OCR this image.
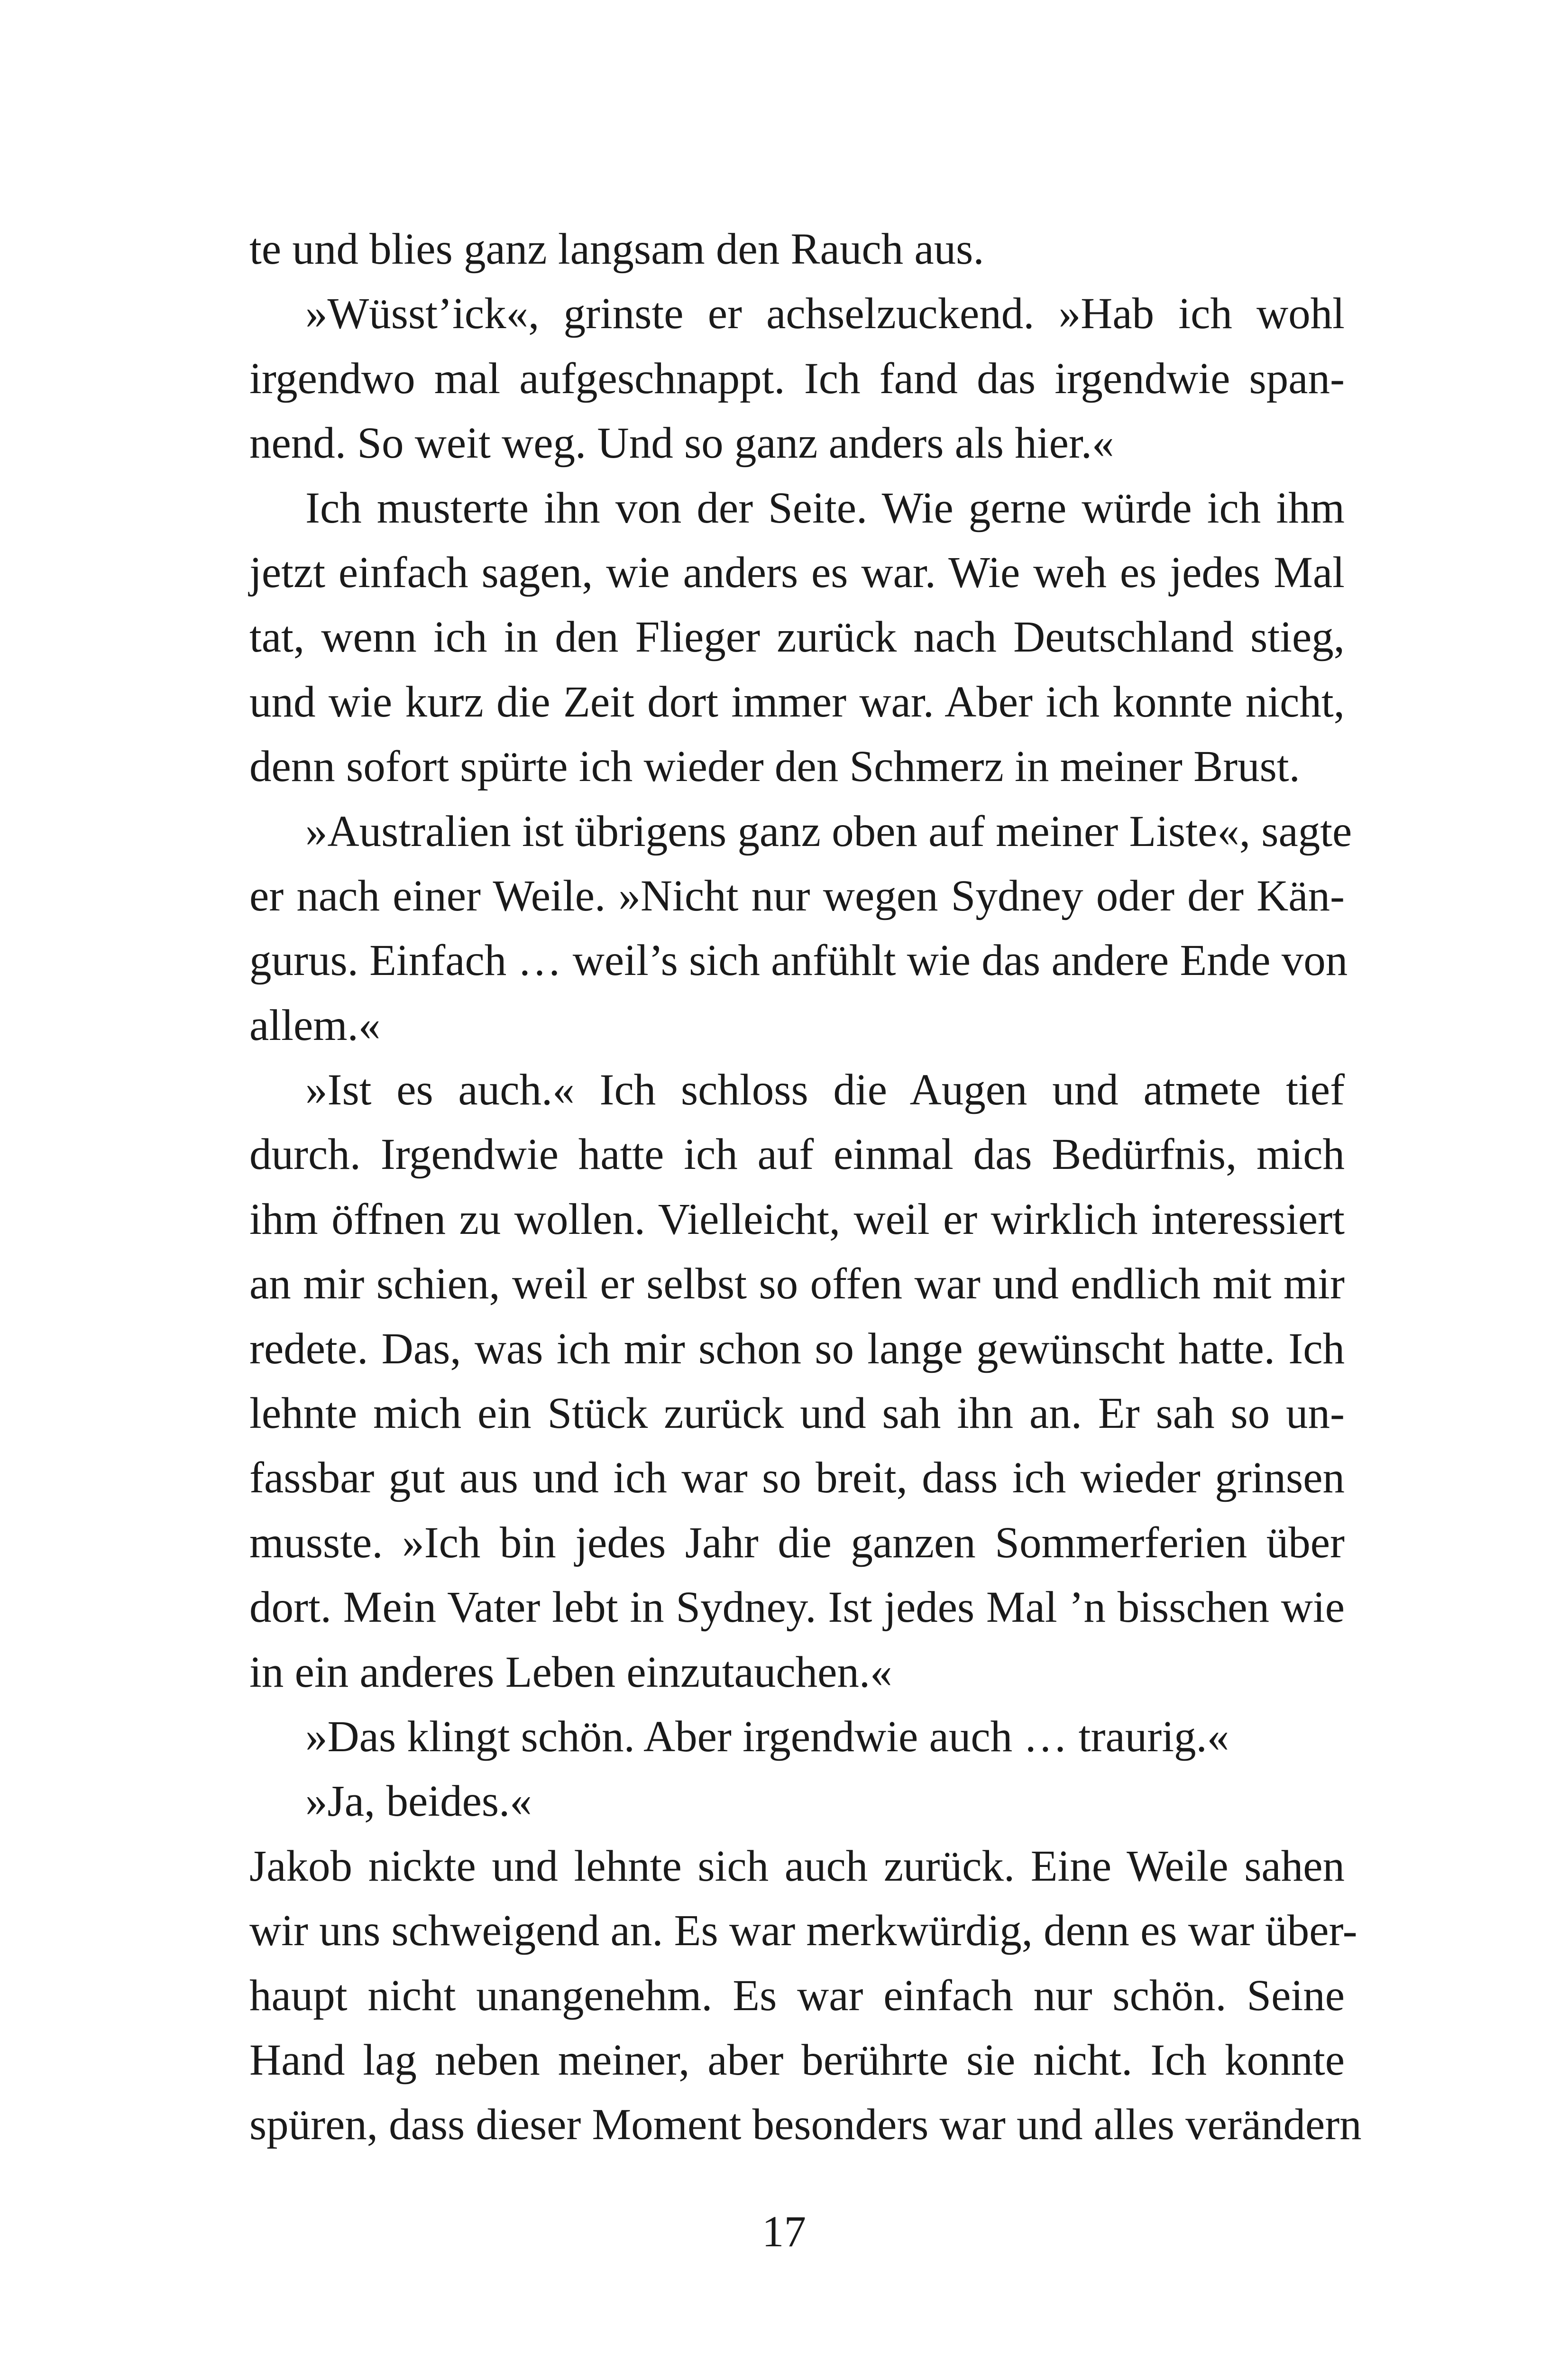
te und blies ganz langsam den Rauch aus.
»Wüsst’ick«, grinste er achselzuckend. »Hab ich wohl
irgendwo mal aufgeschnappt. Ich fand das irgendwie span-
nend. So weit weg. Und so ganz anders als hier.«
Ich musterte ihn von der Seite. Wie gerne würde ich ihm
jetzt einfach sagen, wie anders es war. Wie weh es jedes Mal
tat, wenn ich in den Flieger zurück nach Deutschland stieg,
und wie kurz die Zeit dort immer war. Aber ich konnte nicht,
denn sofort spürte ich wieder den Schmerz in meiner Brust.
»Australien ist übrigens ganz oben auf meiner Liste«, sagte
er nach einer Weile. »Nicht nur wegen Sydney oder der Kän-
gurus. Einfach … weil’s sich anfühlt wie das andere Ende von
allem.«
»Ist es auch.« Ich schloss die Augen und atmete tief
durch. Irgendwie hatte ich auf einmal das Bedürfnis, mich
ihm öffnen zu wollen. Vielleicht, weil er wirklich interessiert
an mir schien, weil er selbst so offen war und endlich mit mir
redete. Das, was ich mir schon so lange gewünscht hatte. Ich
lehnte mich ein Stück zurück und sah ihn an. Er sah so un-
fassbar gut aus und ich war so breit, dass ich wieder grinsen
musste. »Ich bin jedes Jahr die ganzen Sommerferien über
dort. Mein Vater lebt in Sydney. Ist jedes Mal ’n bisschen wie
in ein anderes Leben einzutauchen.«
»Das klingt schön. Aber irgendwie auch … traurig.«
»Ja, beides.«
Jakob nickte und lehnte sich auch zurück. Eine Weile sahen
wir uns schweigend an. Es war merkwürdig, denn es war über-
haupt nicht unangenehm. Es war einfach nur schön. Seine
Hand lag neben meiner, aber berührte sie nicht. Ich konnte
spüren, dass dieser Moment besonders war und alles verändern
17
